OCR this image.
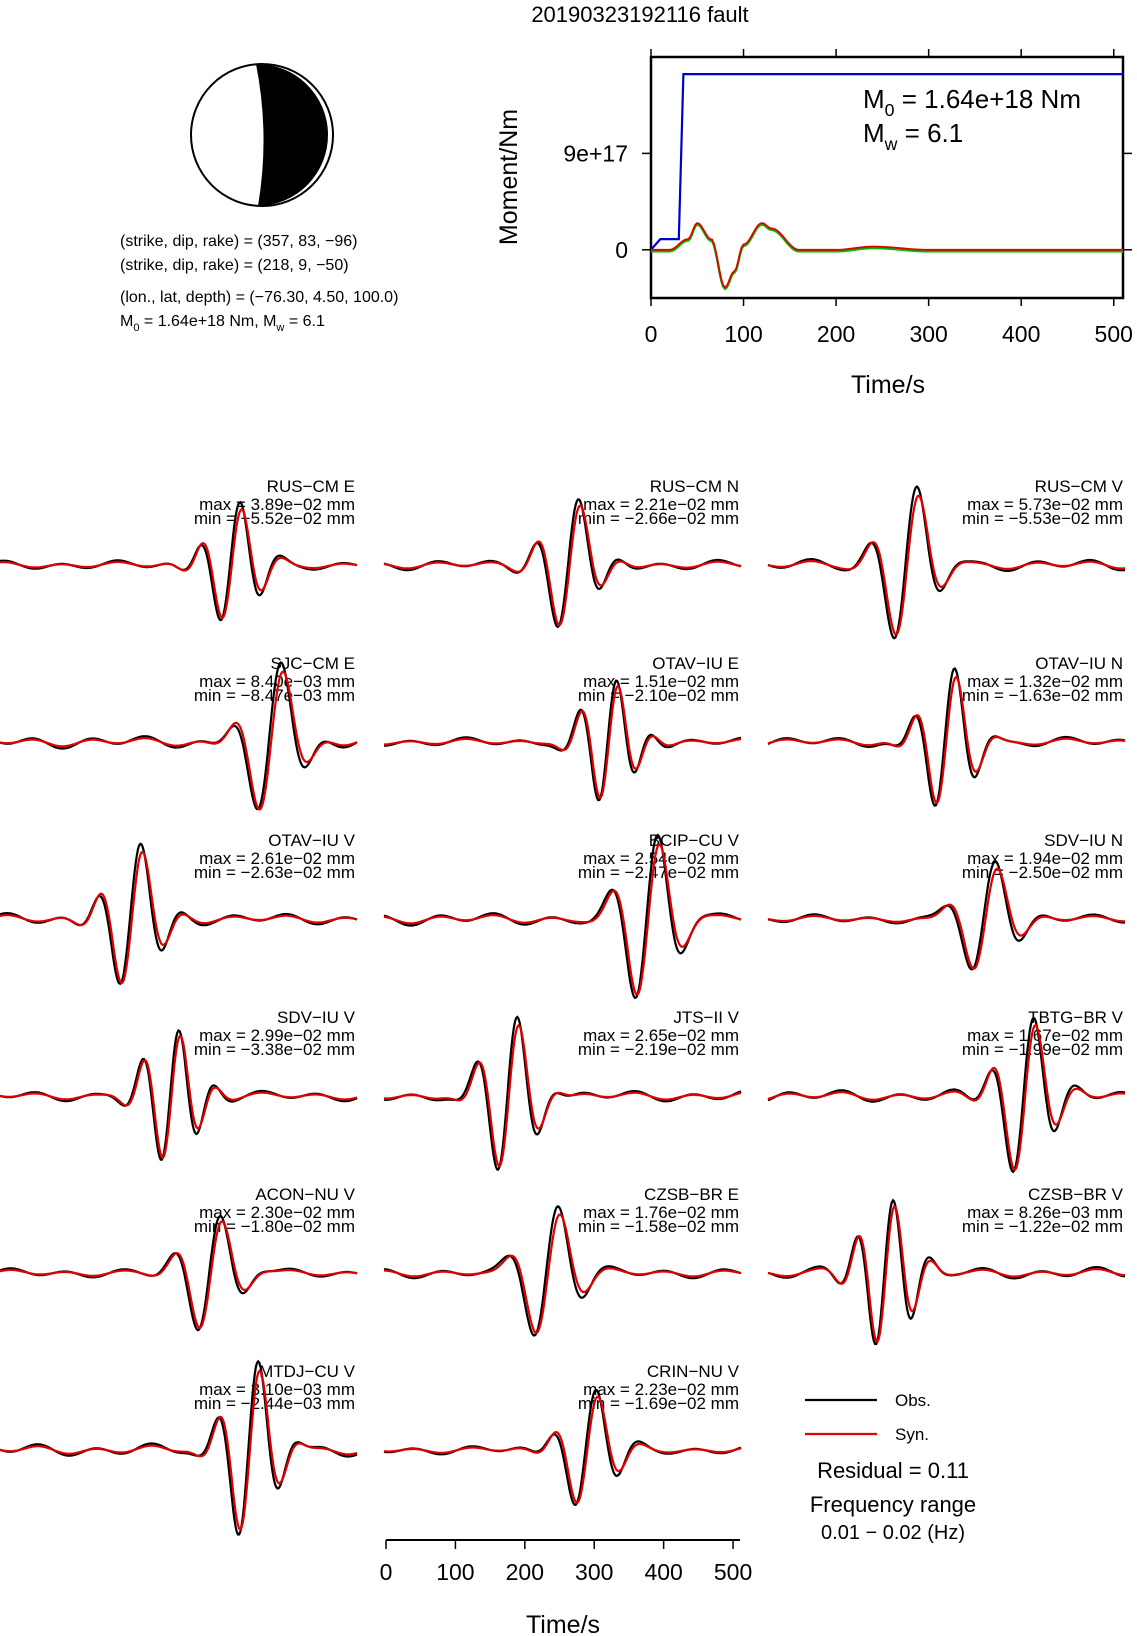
20190323192116 fault
(strike, dip, rake) = (357, 83, −96)
(strike, dip, rake) = (218, 9, −50)
(lon., lat, depth) = (−76.30, 4.50, 100.0)
$M_0 = 1.64e+18$ Nm, $M_w = 6.1$
9e+17
0
0	100 200 300 400 500
Time/s
Moment/Nm
$M_0 = 1.64e+18$ Nm
$M_w = 6.1$
RUS−CM E
max = 3.89e−02 mm
min = −5.52e−02 mm
RUS−CM N
max = 2.21e−02 mm
min = −2.66e−02 mm
RUS−CM V
max = 5.73e−02 mm
min = −5.53e−02 mm
SJC−CM E
max = 8.40e−03 mm
min = −8.47e−03 mm
OTAV−IU E
max = 1.51e−02 mm
min = −2.10e−02 mm
OTAV−IU N
max = 1.32e−02 mm
min = −1.63e−02 mm
OTAV−IU V
max = 2.61e−02 mm
min = −2.63e−02 mm
BCIP−CU V
max = 2.54e−02 mm
min = −2.47e−02 mm
SDV−IU N
max = 1.94e−02 mm
min = −2.50e−02 mm
SDV−IU V
max = 2.99e−02 mm
min = −3.38e−02 mm
JTS−II V
max = 2.65e−02 mm
min = −2.19e−02 mm
TBTG−BR V
max = 1.67e−02 mm
min = −1.99e−02 mm
ACON−NU V
max = 2.30e−02 mm
min = −1.80e−02 mm
CZSB−BR E
max = 1.76e−02 mm
min = −1.58e−02 mm
CZSB−BR V
max = 8.26e−03 mm
min = −1.22e−02 mm
MTDJ−CU V
max = 3.10e−03 mm
min = −2.44e−03 mm
CRIN−NU V
max = 2.23e−02 mm
min = −1.69e−02 mm
0 100 200 300 400 500
Time/s
Obs.
Syn.
Residual = 0.11
Frequency range
0.01 − 0.02 (Hz)
